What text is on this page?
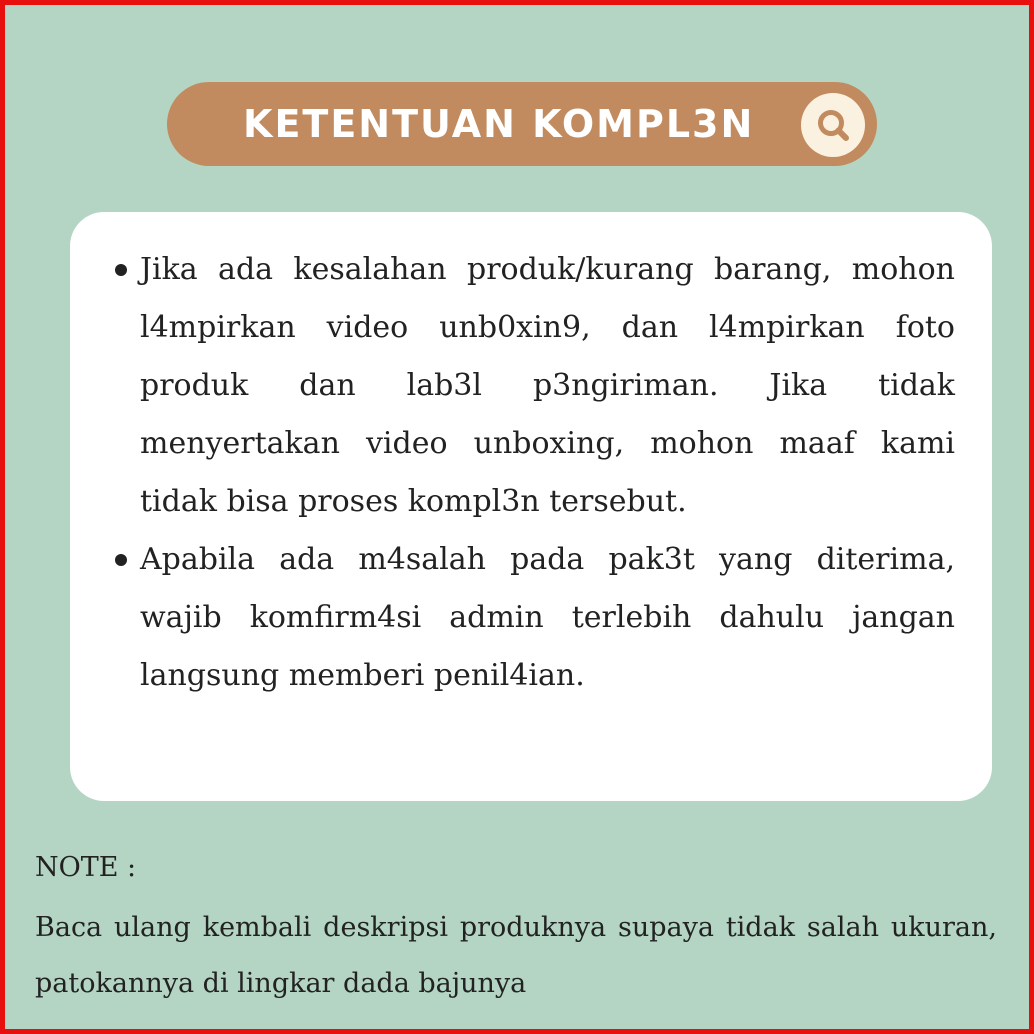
KETENTUAN KOMPL3N
Jika ada kesalahan produk/kurang barang, mohon l4mpirkan video unb0xin9, dan l4mpirkan foto produk dan lab3l p3ngiriman. Jika tidak menyertakan video unboxing, mohon maaf kami tidak bisa proses kompl3n tersebut.
Apabila ada m4salah pada pak3t yang diterima, wajib komfirm4si admin terlebih dahulu jangan langsung memberi penil4ian.
NOTE :
Baca ulang kembali deskripsi produknya supaya tidak salah ukuran, patokannya di lingkar dada bajunya
